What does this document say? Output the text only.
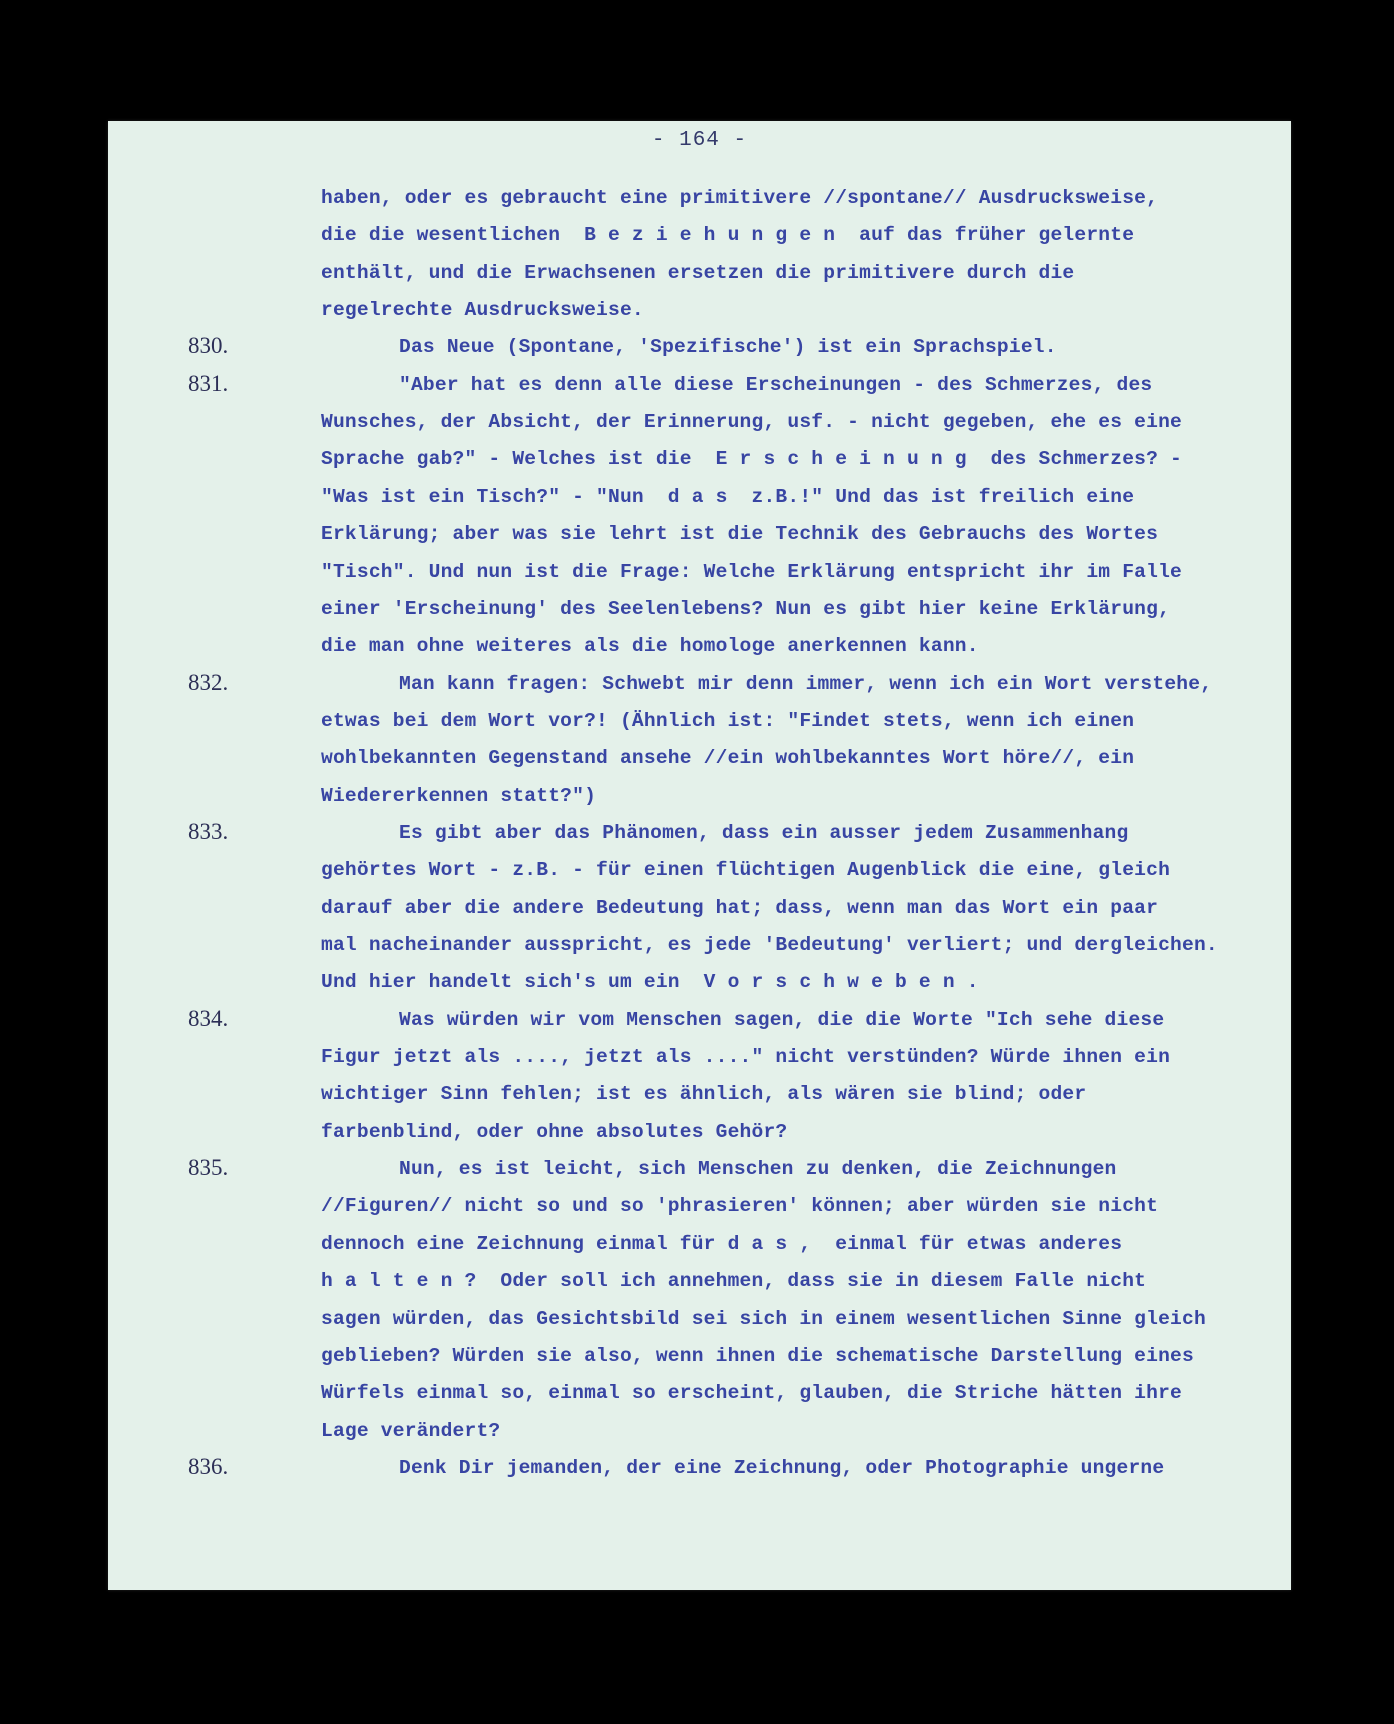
- 164 -
830.
831.
832.
833.
834.
835.
836.
haben, oder es gebraucht eine primitivere //spontane// Ausdrucksweise,
die die wesentlichen  B e z i e h u n g e n  auf das früher gelernte
enthält, und die Erwachsenen ersetzen die primitivere durch die
regelrechte Ausdrucksweise.
Das Neue (Spontane, 'Spezifische') ist ein Sprachspiel.
"Aber hat es denn alle diese Erscheinungen - des Schmerzes, des
Wunsches, der Absicht, der Erinnerung, usf. - nicht gegeben, ehe es eine
Sprache gab?" - Welches ist die  E r s c h e i n u n g  des Schmerzes? -
"Was ist ein Tisch?" - "Nun  d a s  z.B.!" Und das ist freilich eine
Erklärung; aber was sie lehrt ist die Technik des Gebrauchs des Wortes
"Tisch". Und nun ist die Frage: Welche Erklärung entspricht ihr im Falle
einer 'Erscheinung' des Seelenlebens? Nun es gibt hier keine Erklärung,
die man ohne weiteres als die homologe anerkennen kann.
Man kann fragen: Schwebt mir denn immer, wenn ich ein Wort verstehe,
etwas bei dem Wort vor?! (Ähnlich ist: "Findet stets, wenn ich einen
wohlbekannten Gegenstand ansehe //ein wohlbekanntes Wort höre//, ein
Wiedererkennen statt?")
Es gibt aber das Phänomen, dass ein ausser jedem Zusammenhang
gehörtes Wort - z.B. - für einen flüchtigen Augenblick die eine, gleich
darauf aber die andere Bedeutung hat; dass, wenn man das Wort ein paar
mal nacheinander ausspricht, es jede 'Bedeutung' verliert; und dergleichen.
Und hier handelt sich's um ein  V o r s c h w e b e n .
Was würden wir vom Menschen sagen, die die Worte "Ich sehe diese
Figur jetzt als ...., jetzt als ...." nicht verstünden? Würde ihnen ein
wichtiger Sinn fehlen; ist es ähnlich, als wären sie blind; oder
farbenblind, oder ohne absolutes Gehör?
Nun, es ist leicht, sich Menschen zu denken, die Zeichnungen
//Figuren// nicht so und so 'phrasieren' können; aber würden sie nicht
dennoch eine Zeichnung einmal für d a s ,  einmal für etwas anderes
h a l t e n ?  Oder soll ich annehmen, dass sie in diesem Falle nicht
sagen würden, das Gesichtsbild sei sich in einem wesentlichen Sinne gleich
geblieben? Würden sie also, wenn ihnen die schematische Darstellung eines
Würfels einmal so, einmal so erscheint, glauben, die Striche hätten ihre
Lage verändert?
Denk Dir jemanden, der eine Zeichnung, oder Photographie ungerne
